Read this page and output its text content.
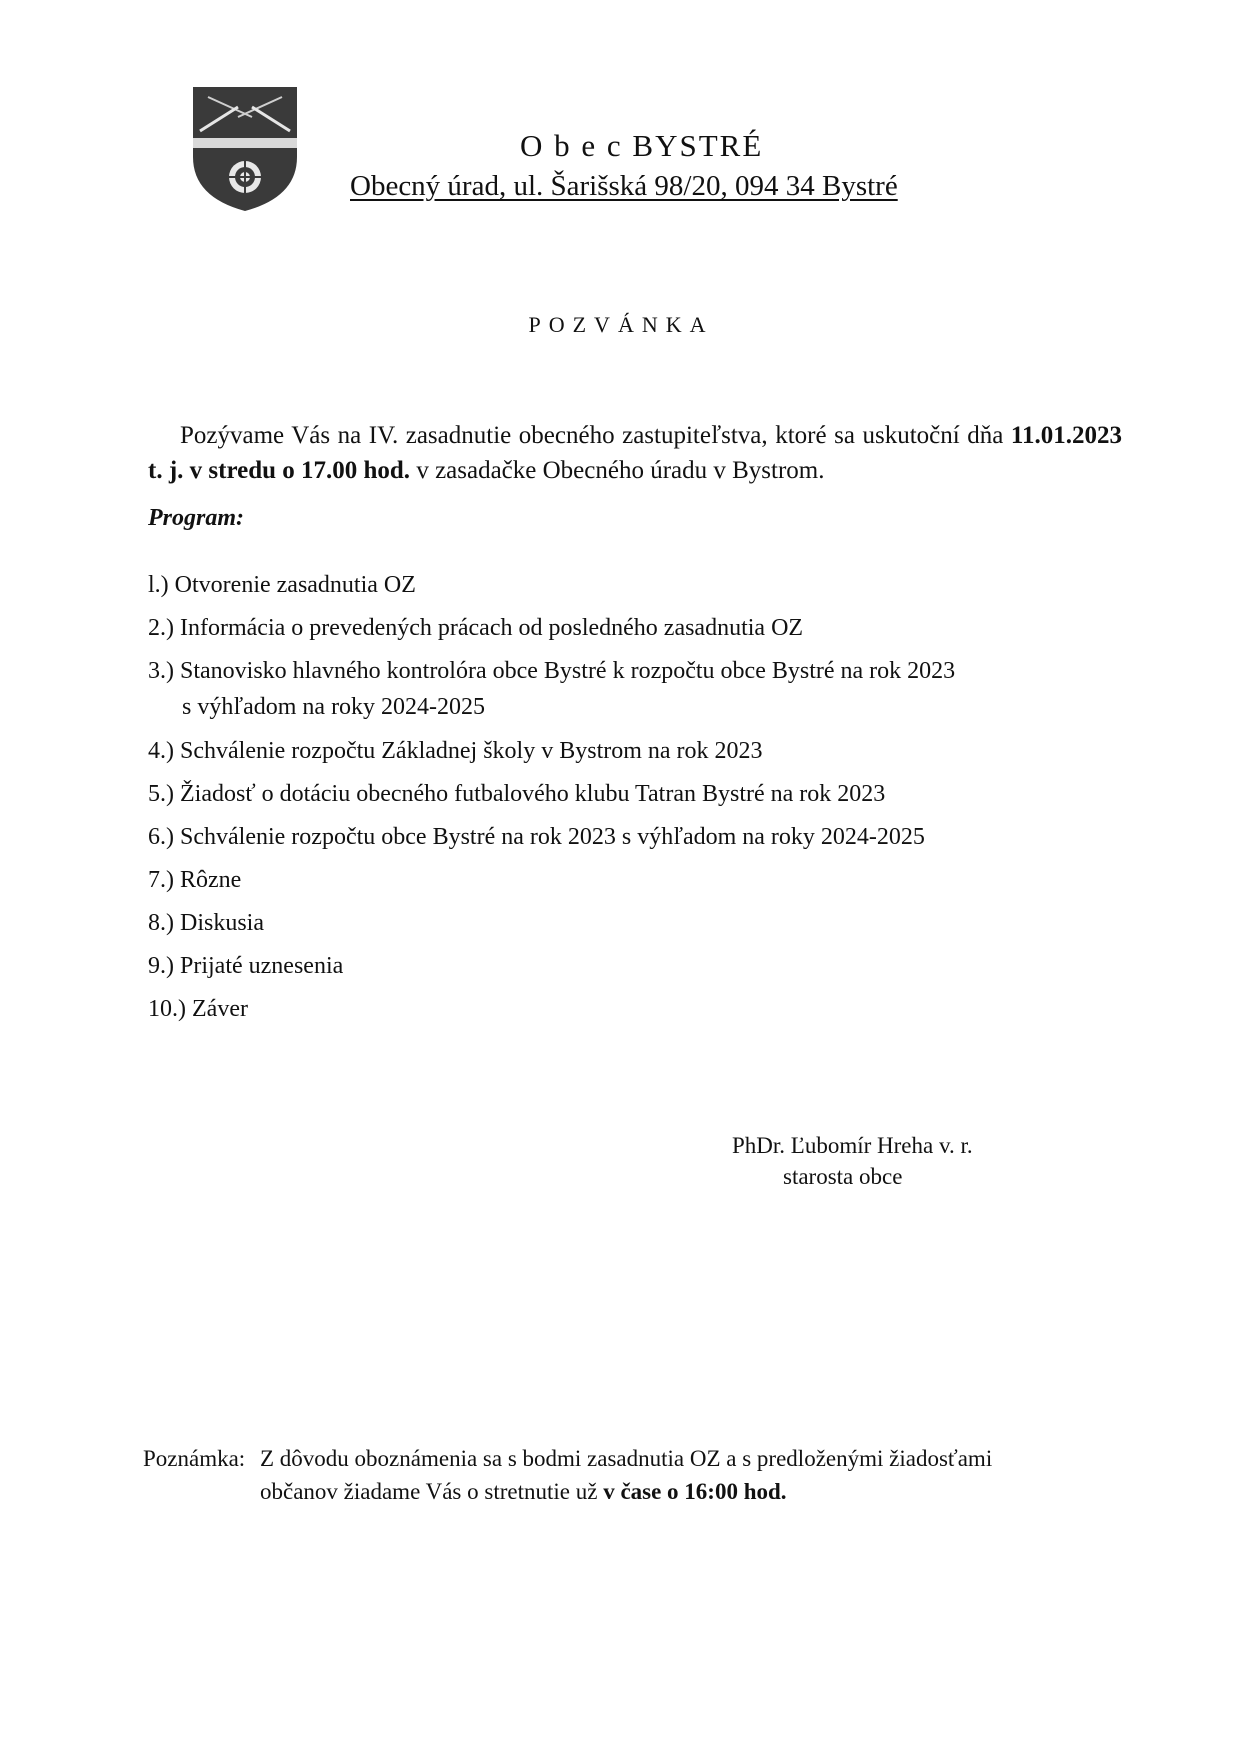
O b e c BYSTRÉ
Obecný úrad, ul. Šarišská 98/20, 094 34 Bystré
POZVÁNKA
Pozývame Vás na IV. zasadnutie obecného zastupiteľstva, ktoré sa uskutoční dňa 11.01.2023 t. j. v stredu o 17.00 hod. v zasadačke Obecného úradu v Bystrom.
Program:
l.) Otvorenie zasadnutia OZ
2.) Informácia o prevedených prácach od posledného zasadnutia OZ
3.) Stanovisko hlavného kontrolóra obce Bystré k rozpočtu obce Bystré na rok 2023
s výhľadom na roky 2024-2025
4.) Schválenie rozpočtu Základnej školy v Bystrom na rok 2023
5.) Žiadosť o dotáciu obecného futbalového klubu Tatran Bystré na rok 2023
6.) Schválenie rozpočtu obce Bystré na rok 2023 s výhľadom na roky 2024-2025
7.) Rôzne
8.) Diskusia
9.) Prijaté uznesenia
10.) Záver
PhDr. Ľubomír Hreha v. r.
starosta obce
Poznámka: Z dôvodu oboznámenia sa s bodmi zasadnutia OZ a s predloženými žiadosťami
občanov žiadame Vás o stretnutie už v čase o 16:00 hod.
